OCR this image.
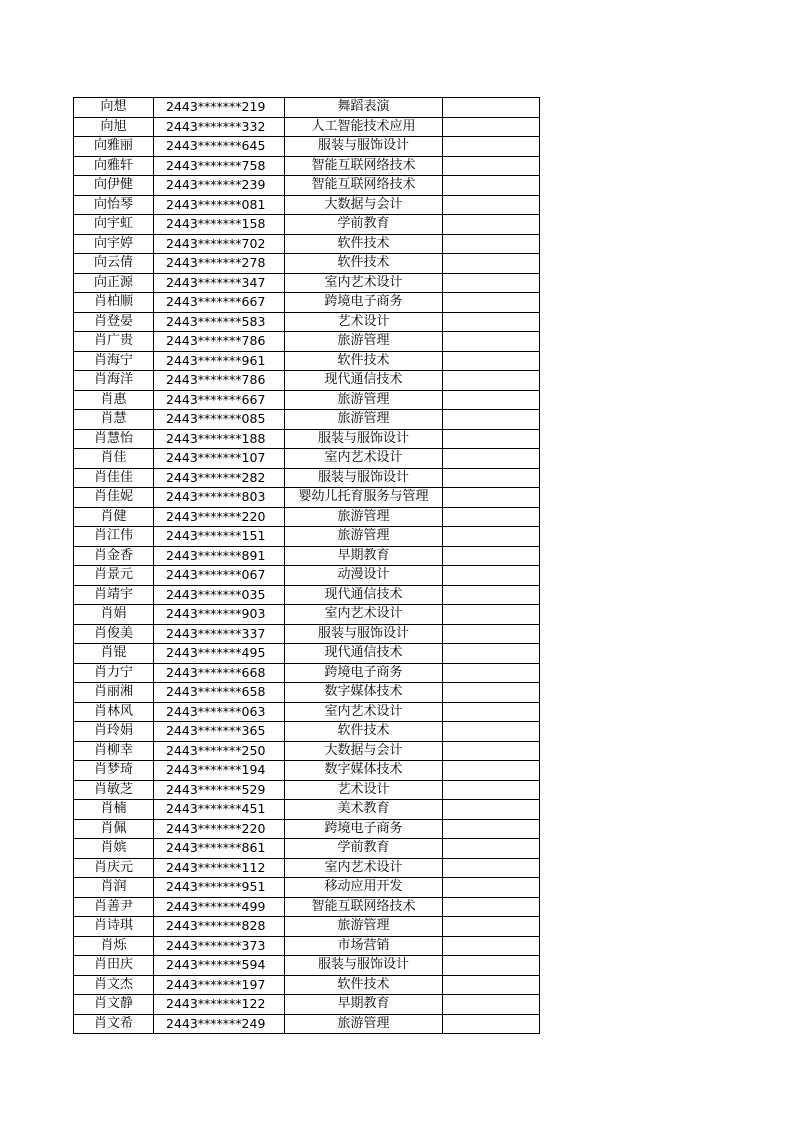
向想	2443*******219	舞蹈表演	
向旭	2443*******332	人工智能技术应用	
向雅丽	2443*******645	服装与服饰设计	
向雅轩	2443*******758	智能互联网络技术	
向伊健	2443*******239	智能互联网络技术	
向怡琴	2443*******081	大数据与会计	
向宇虹	2443*******158	学前教育	
向宇婷	2443*******702	软件技术	
向云倩	2443*******278	软件技术	
向正源	2443*******347	室内艺术设计	
肖柏顺	2443*******667	跨境电子商务	
肖登晏	2443*******583	艺术设计	
肖广贵	2443*******786	旅游管理	
肖海宁	2443*******961	软件技术	
肖海洋	2443*******786	现代通信技术	
肖惠	2443*******667	旅游管理	
肖慧	2443*******085	旅游管理	
肖慧怡	2443*******188	服装与服饰设计	
肖佳	2443*******107	室内艺术设计	
肖佳佳	2443*******282	服装与服饰设计	
肖佳妮	2443*******803	婴幼儿托育服务与管理	
肖健	2443*******220	旅游管理	
肖江伟	2443*******151	旅游管理	
肖金香	2443*******891	早期教育	
肖景元	2443*******067	动漫设计	
肖靖宇	2443*******035	现代通信技术	
肖娟	2443*******903	室内艺术设计	
肖俊美	2443*******337	服装与服饰设计	
肖锟	2443*******495	现代通信技术	
肖力宁	2443*******668	跨境电子商务	
肖丽湘	2443*******658	数字媒体技术	
肖林风	2443*******063	室内艺术设计	
肖玲娟	2443*******365	软件技术	
肖柳幸	2443*******250	大数据与会计	
肖梦琦	2443*******194	数字媒体技术	
肖敏芝	2443*******529	艺术设计	
肖楠	2443*******451	美术教育	
肖佩	2443*******220	跨境电子商务	
肖嫔	2443*******861	学前教育	
肖庆元	2443*******112	室内艺术设计	
肖润	2443*******951	移动应用开发	
肖善尹	2443*******499	智能互联网络技术	
肖诗琪	2443*******828	旅游管理	
肖烁	2443*******373	市场营销	
肖田庆	2443*******594	服装与服饰设计	
肖文杰	2443*******197	软件技术	
肖文静	2443*******122	早期教育	
肖文希	2443*******249	旅游管理	
